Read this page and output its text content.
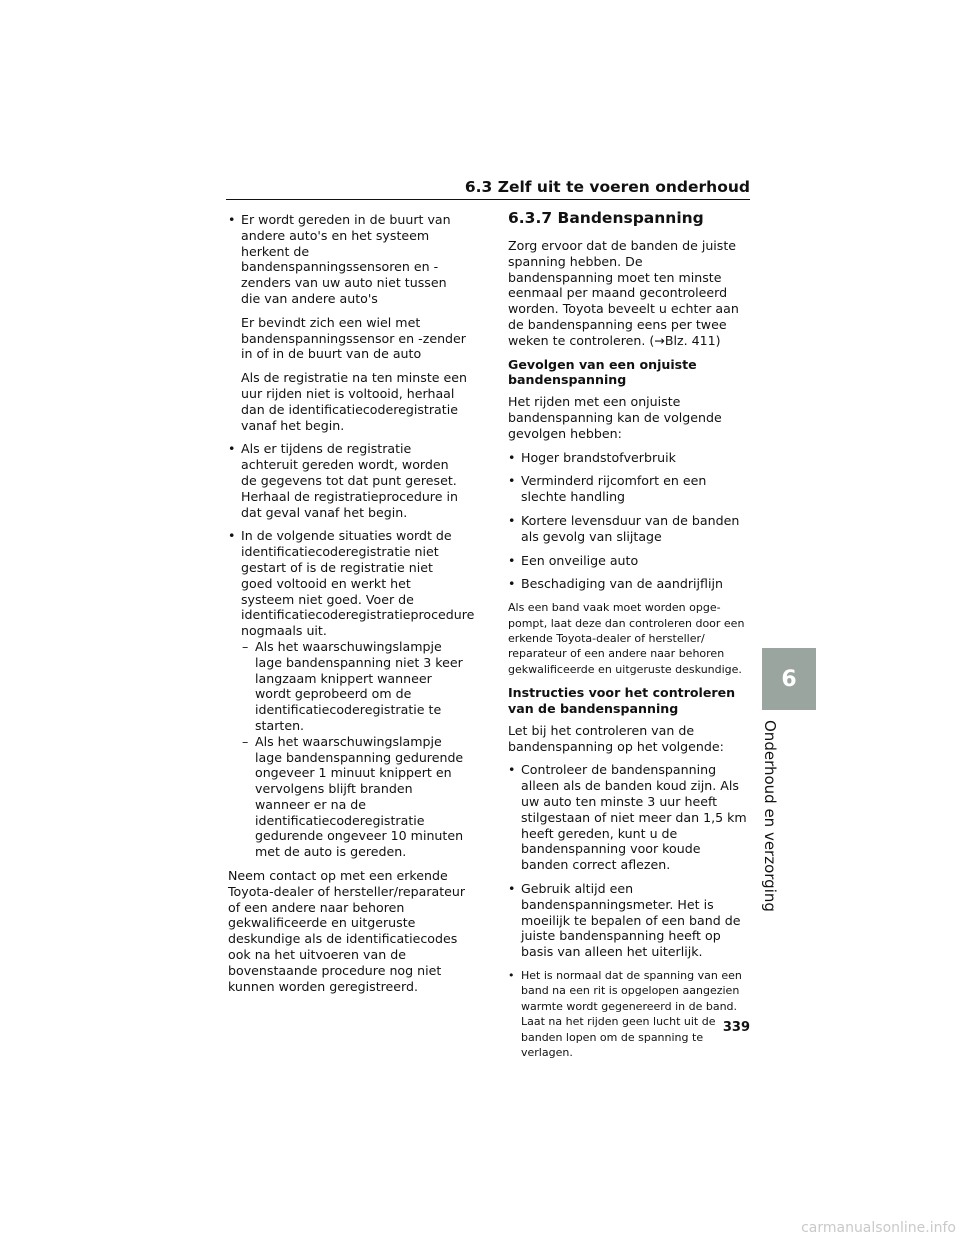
6.3 Zelf uit te voeren onderhoud
6
Onderhoud en verzorging
• Er wordt gereden in de buurt van andere auto's en het systeem herkent de bandenspanningssensoren en -zenders van uw auto niet tussen die van andere auto's
Er bevindt zich een wiel met bandenspanningssensor en -zender in of in de buurt van de auto
Als de registratie na ten minste een uur rijden niet is voltooid, herhaal dan de identificatiecoderegistratie vanaf het begin.
• Als er tijdens de registratie achteruit gereden wordt, worden de gegevens tot dat punt gereset. Herhaal de registratieprocedure in dat geval vanaf het begin.
• In de volgende situaties wordt de identificatiecoderegistratie niet gestart of is de registratie niet goed voltooid en werkt het systeem niet goed. Voer de identificatiecoderegistratieprocedure nogmaals uit.
– Als het waarschuwingslampje lage bandenspanning niet 3 keer langzaam knippert wanneer wordt geprobeerd om de identificatiecoderegistratie te starten.
– Als het waarschuwingslampje lage bandenspanning gedurende ongeveer 1 minuut knippert en vervolgens blijft branden wanneer er na de identificatiecoderegistratie gedurende ongeveer 10 minuten met de auto is gereden.

Neem contact op met een erkende Toyota-dealer of hersteller/reparateur of een andere naar behoren gekwalificeerde en uitgeruste deskundige als de identificatiecodes ook na het uitvoeren van de bovenstaande procedure nog niet kunnen worden geregistreerd.

6.3.7 Bandenspanning

Zorg ervoor dat de banden de juiste spanning hebben. De bandenspanning moet ten minste eenmaal per maand gecontroleerd worden. Toyota beveelt u echter aan de bandenspanning eens per twee weken te controleren. (→Blz. 411)

Gevolgen van een onjuiste bandenspanning

Het rijden met een onjuiste bandenspanning kan de volgende gevolgen hebben:

• Hoger brandstofverbruik
• Verminderd rijcomfort en een slechte handling
• Kortere levensduur van de banden als gevolg van slijtage
• Een onveilige auto
• Beschadiging van de aandrijflijn
Als een band vaak moet worden opge-pompt, laat deze dan controleren door een erkende Toyota-dealer of hersteller/ reparateur of een andere naar behoren gekwalificeerde en uitgeruste deskundige.
Instructies voor het controleren van de bandenspanning

Let bij het controleren van de bandenspanning op het volgende:

• Controleer de bandenspanning alleen als de banden koud zijn. Als uw auto ten minste 3 uur heeft stilgestaan of niet meer dan 1,5 km heeft gereden, kunt u de bandenspanning voor koude banden correct aflezen.
• Gebruik altijd een bandenspanningsmeter. Het is moeilijk te bepalen of een band de juiste bandenspanning heeft op basis van alleen het uiterlijk.
• Het is normaal dat de spanning van een band na een rit is opgelopen aangezien warmte wordt gegenereerd in de band. Laat na het rijden geen lucht uit de banden lopen om de spanning te verlagen.
339
carmanualsonline.info
